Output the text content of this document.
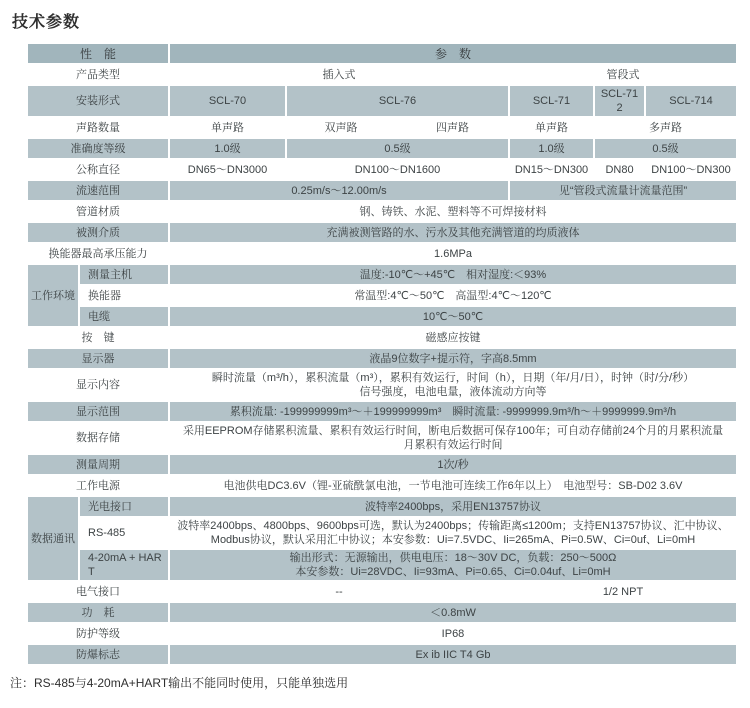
技术参数
性　能		参　数					
产品类型		插入式			管段式		
安装形式		SCL-70	SCL-76		SCL-71	SCL-712	SCL-714
声路数量		单声路	双声路	四声路	单声路	多声路	
准确度等级		1.0级	0.5级		1.0级	0.5级	
公称直径		DN65～DN3000	DN100～DN1600		DN15～DN300	DN80	DN100～DN300
流速范围		0.25m/s～12.00m/s			见“管段式流量计流量范围”		
管道材质		钢、铸铁、水泥、塑料等不可焊接材料					
被测介质		充满被测管路的水、污水及其他充满管道的均质液体					
换能器最高承压能力		1.6MPa					
工作环境	测量主机	温度:-10℃～+45℃　相对湿度:＜93%					
	换能器	常温型:4℃～50℃　高温型:4℃～120℃					
	电缆	10℃～50℃					
按　键		磁感应按键					
显示器		液晶9位数字+提示符，字高8.5mm					
显示内容		瞬时流量（m³/h），累积流量（m³），累积有效运行，时间（h），日期（年/月/日），时钟（时/分/秒）
信号强度，电池电量，液体流动方向等					

显示范围		累积流量: -199999999m³～＋199999999m³　瞬时流量: -9999999.9m³/h～＋9999999.9m³/h					
数据存储		采用EEPROM存储累积流量、累积有效运行时间，断电后数据可保存100年；可自动存储前24个月的月累积流量
月累积有效运行时间					

测量周期		1次/秒					
工作电源		电池供电DC3.6V（锂-亚硫酰氯电池，一节电池可连续工作6年以上）　电池型号：SB-D02 3.6V					
数据通讯	光电接口	波特率2400bps，采用EN13757协议					
	RS-485	波特率2400bps、4800bps、9600bps可选，默认为2400bps；传输距离≤1200m；支持EN13757协议、汇中协议、Modbus协议，默认采用汇中协议；本安参数：Ui=7.5VDC、Ii=265mA、Pi=0.5W、Ci=0uf、Li=0mH					
	4-20mA + HART	输出形式：无源输出，供电电压：18～30V DC，负载：250～500Ω
本安参数：Ui=28VDC、Ii=93mA、Pi=0.65、Ci=0.04uf、Li=0mH					

电气接口		--			1/2 NPT		
功　耗		＜0.8mW					
防护等级		IP68					
防爆标志		Ex ib IIC T4 Gb					
注：RS-485与4-20mA+HART输出不能同时使用，只能单独选用
